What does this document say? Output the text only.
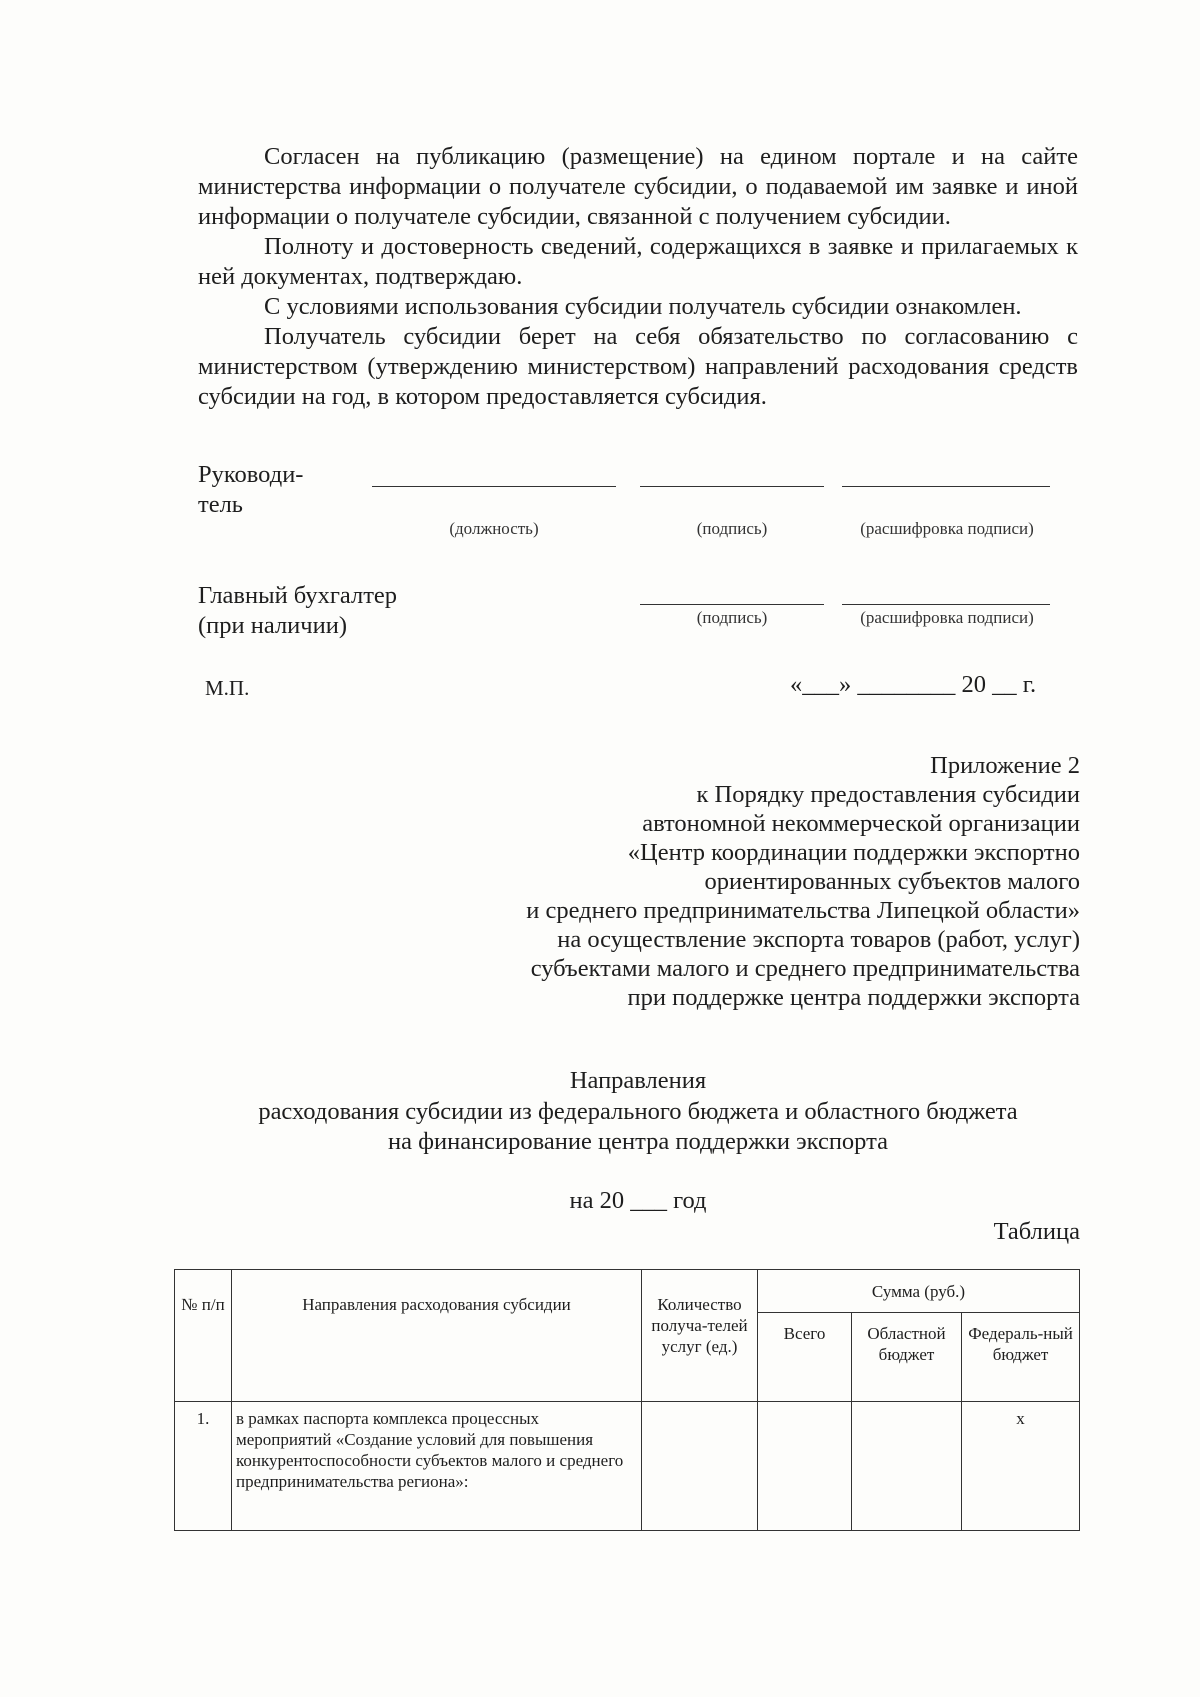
Согласен на публикацию (размещение) на едином портале и на сайте министерства информации о получателе субсидии, о подаваемой им заявке и иной информации о получателе субсидии, связанной с получением субсидии.

Полноту и достоверность сведений, содержащихся в заявке и прилагаемых к ней документах, подтверждаю.

С условиями использования субсидии получатель субсидии ознакомлен.

Получатель субсидии берет на себя обязательство по согласованию с министерством (утверждению министерством) направлений расходования средств субсидии на год, в котором предоставляется субсидия.

Руководи-
тель
(должность)	(подпись)	(расшифровка подписи)
Главный бухгалтер
(при наличии)	(подпись)	(расшифровка подписи)
М.П.	«___» ________ 20 __ г.
Приложение 2
к Порядку предоставления субсидии
автономной некоммерческой организации
«Центр координации поддержки экспортно
ориентированных субъектов малого
и среднего предпринимательства Липецкой области»
на осуществление экспорта товаров (работ, услуг)
субъектами малого и среднего предпринимательства
при поддержке центра поддержки экспорта
Направления
расходования субсидии из федерального бюджета и областного бюджета
на финансирование центра поддержки экспорта
на 20 ___ год
Таблица
№ п/п	Направления расходования субсидии	Количество получа-телей услуг (ед.)	Сумма (руб.)		
			Всего	Областной бюджет	Федераль-ный бюджет
1.	в рамках паспорта комплекса процессных мероприятий «Создание условий для повышения конкурентоспособности субъектов малого и среднего предпринимательства региона»:				х
